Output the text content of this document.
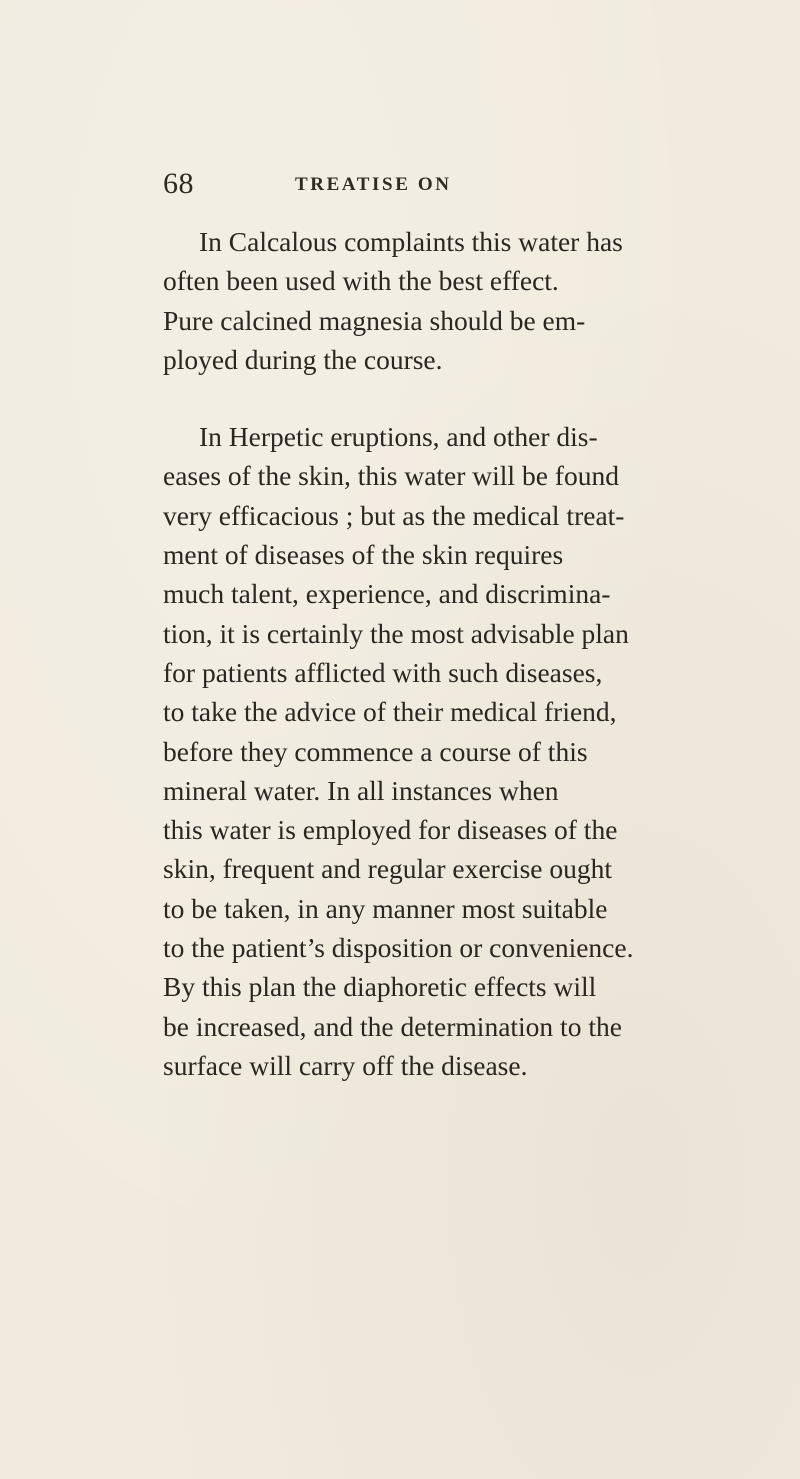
68	TREATISE ON

In Calcalous complaints this water has
often been used with the best effect.
Pure calcined magnesia should be em-
ployed during the course.

In Herpetic eruptions, and other dis-
eases of the skin, this water will be found
very efficacious ; but as the medical treat-
ment of diseases of the skin requires
much talent, experience, and discrimina-
tion, it is certainly the most advisable plan
for patients afflicted with such diseases,
to take the advice of their medical friend,
before they commence a course of this
mineral water. In all instances when
this water is employed for diseases of the
skin, frequent and regular exercise ought
to be taken, in any manner most suitable
to the patient’s disposition or convenience.
By this plan the diaphoretic effects will
be increased, and the determination to the
surface will carry off the disease.
